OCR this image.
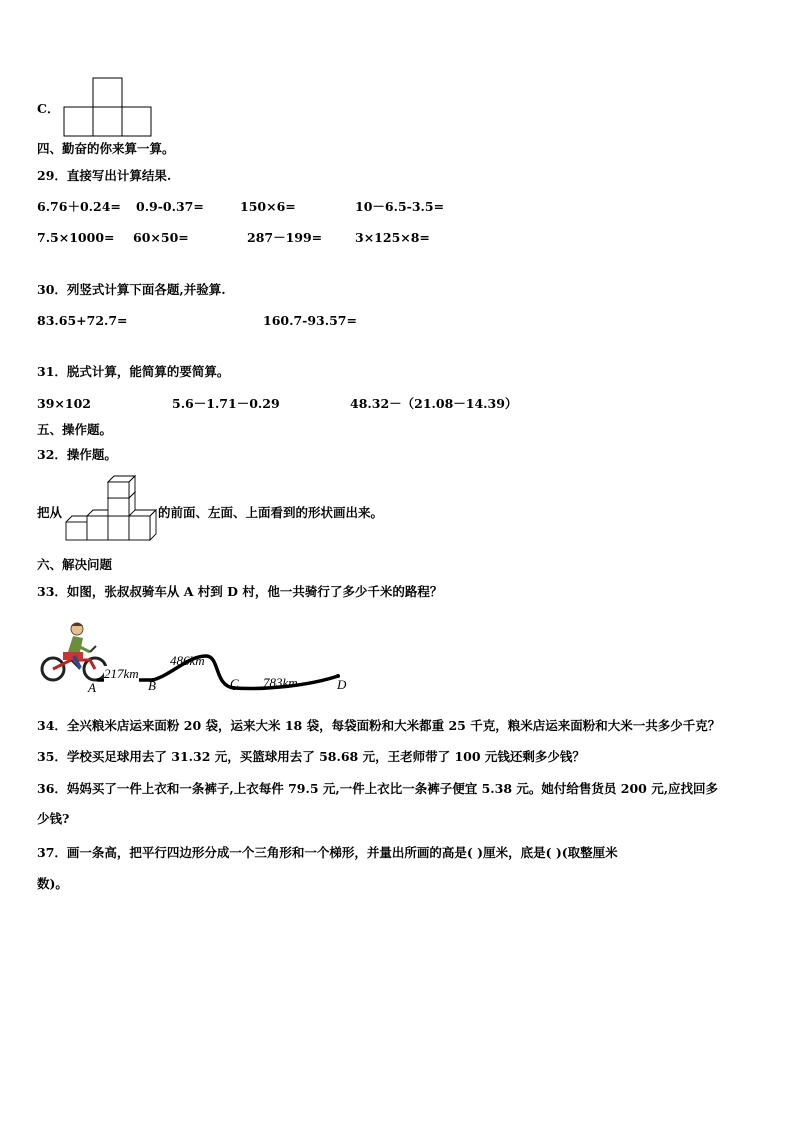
C．
四、勤奋的你来算一算。
29．直接写出计算结果.
6.76＋0.24= 0.9-0.37=	150×6=	10－6.5-3.5=
7.5×1000= 60×50=	287－199=	3×125×8=
30．列竖式计算下面各题,并验算.
83.65+72.7=	160.7-93.57=
31．脱式计算，能简算的要简算。
39×102	5.6－1.71－0.29	48.32－（21.08－14.39）
五、操作题。
32．操作题。
把从	的前面、左面、上面看到的形状画出来。
六、解决问题
33．如图，张叔叔骑车从 A 村到 D 村，他一共骑行了多少千米的路程？
A	B	C	D
217km
486km
783km
34．全兴粮米店运来面粉 20 袋，运来大米 18 袋，每袋面粉和大米都重 25 千克，粮米店运来面粉和大米一共多少千克？
35．学校买足球用去了 31.32 元，买篮球用去了 58.68 元，王老师带了 100 元钱还剩多少钱？
36．妈妈买了一件上衣和一条裤子,上衣每件 79.5 元,一件上衣比一条裤子便宜 5.38 元。她付给售货员 200 元,应找回多
少钱?
37．画一条高，把平行四边形分成一个三角形和一个梯形，并量出所画的高是( )厘米，底是( )(取整厘米
数)。
